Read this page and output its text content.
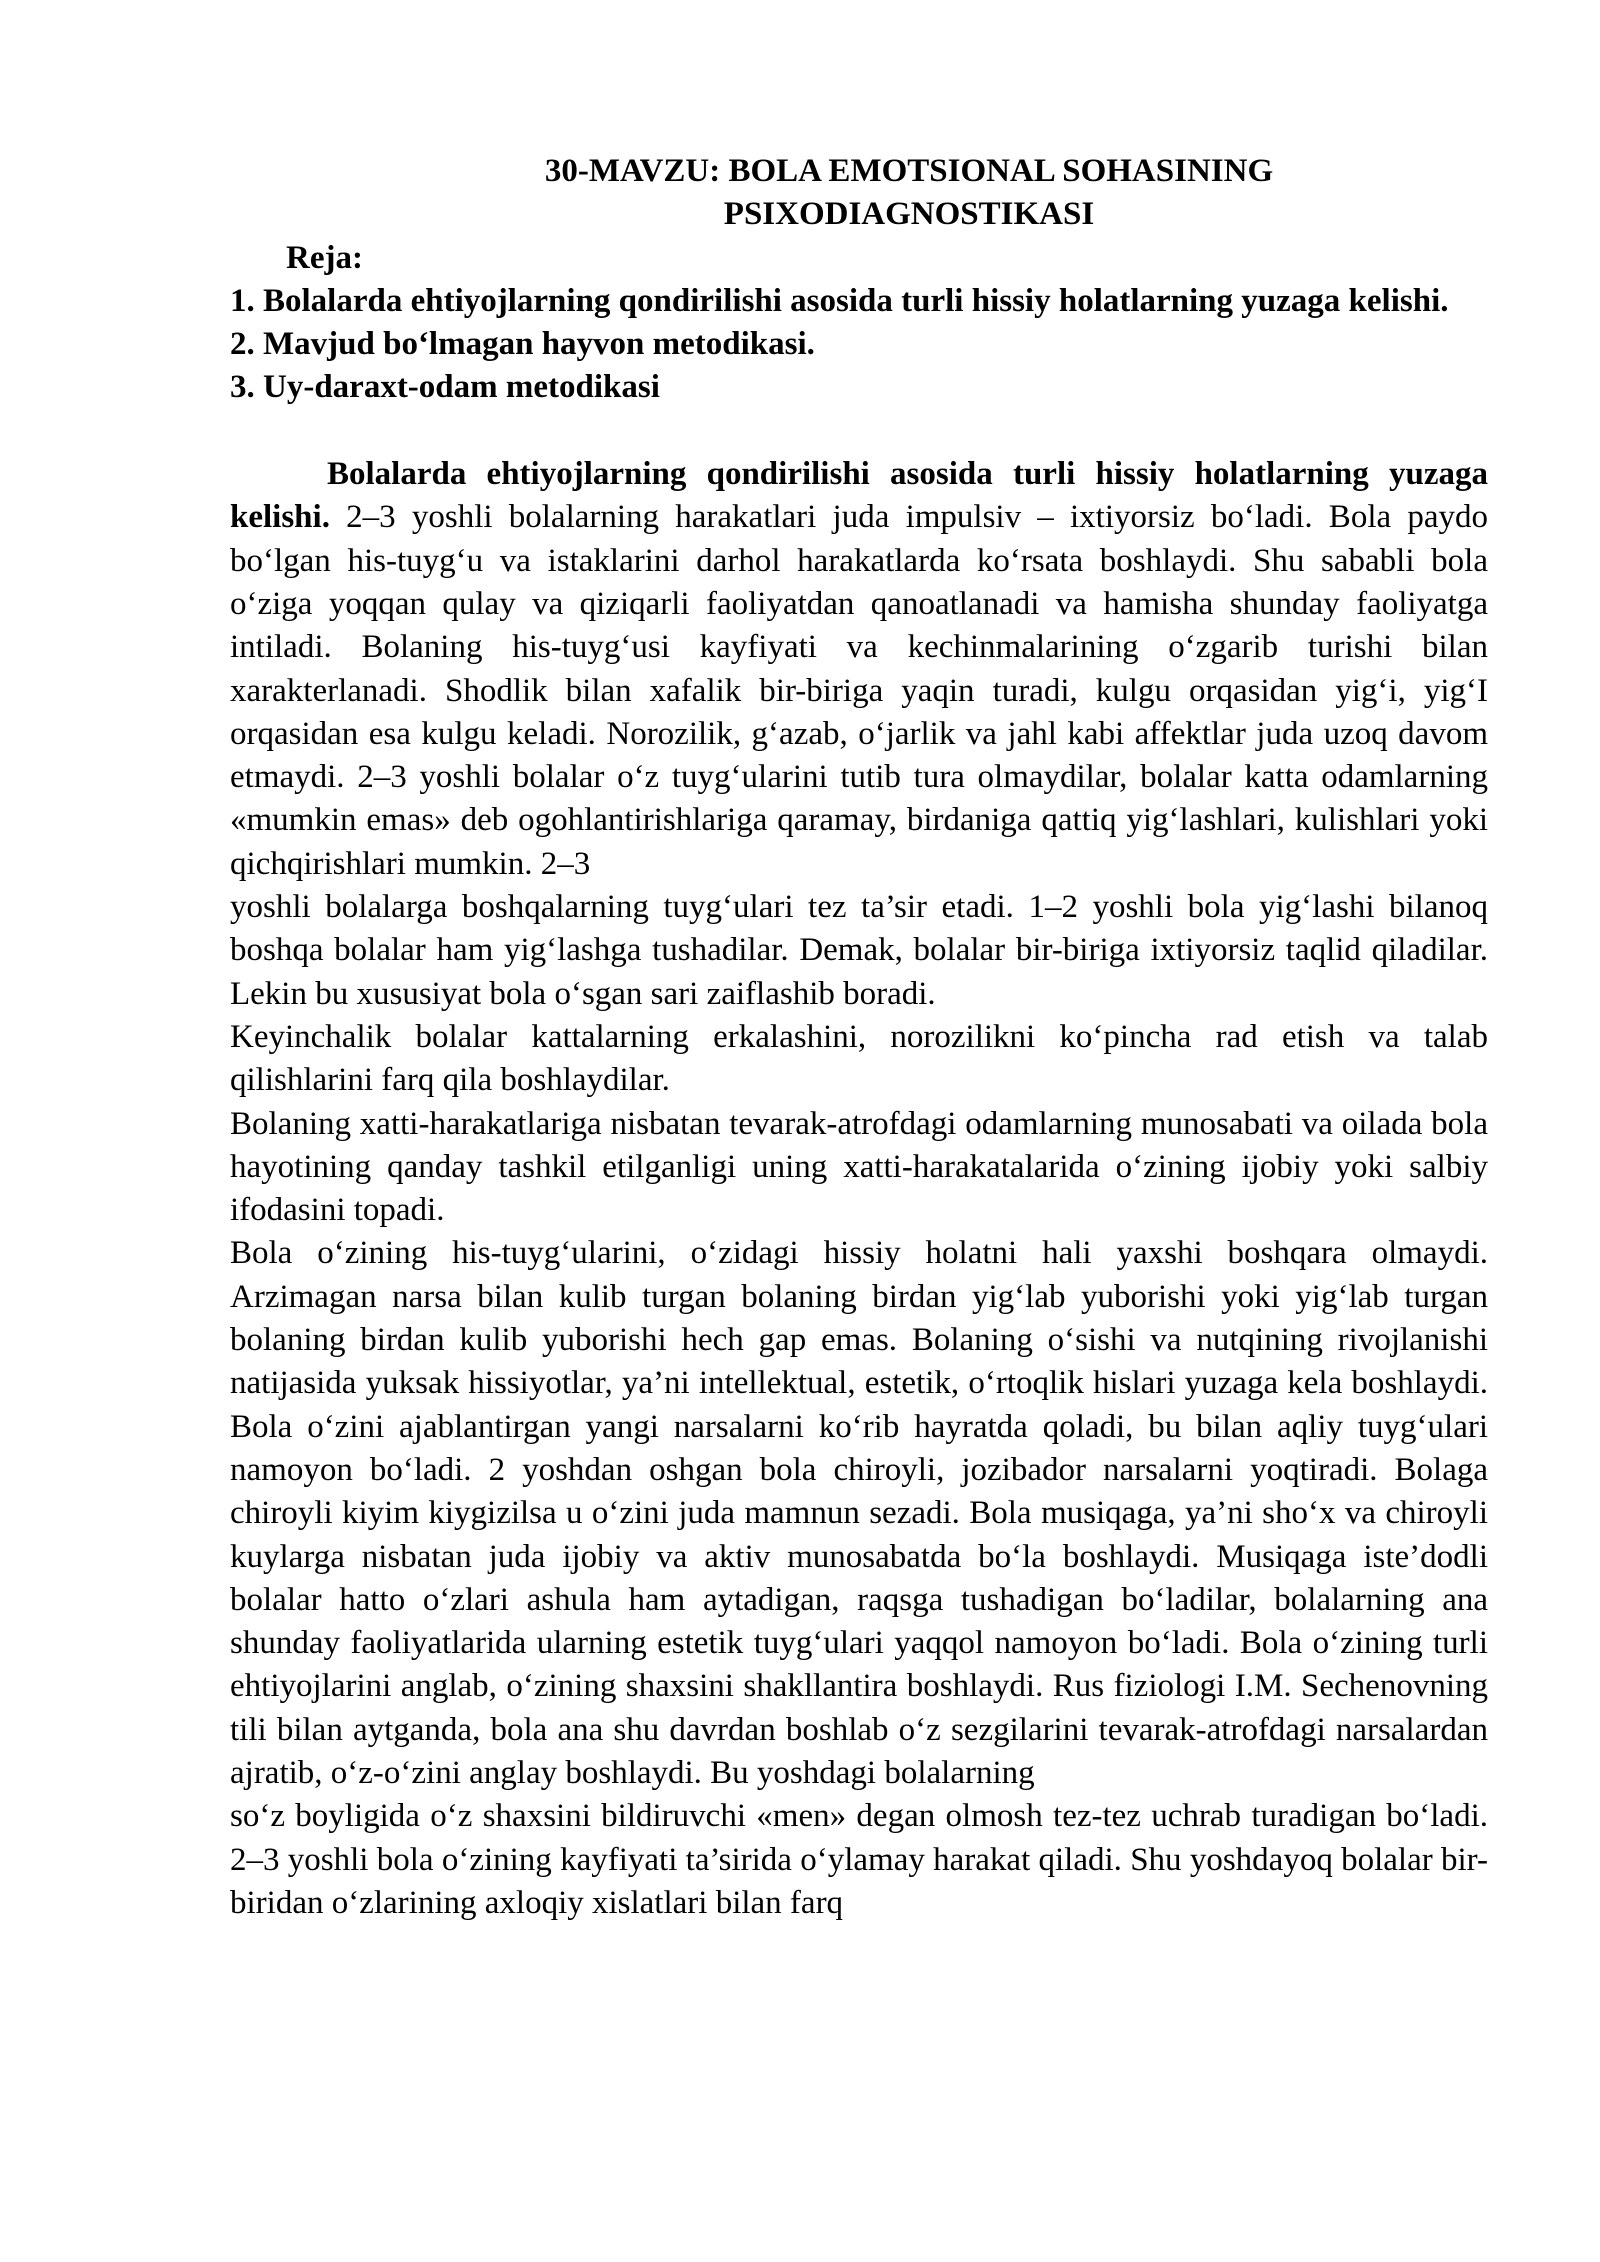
30-MAVZU: BOLA EMOTSIONAL SOHASINING
PSIXODIAGNOSTIKASI

Reja:

1. Bolalarda ehtiyojlarning qondirilishi asosida turli hissiy holatlarning yuzaga kelishi.
2. Mavjud bo‘lmagan hayvon metodikasi.
3. Uy-daraxt-odam metodikasi

Bolalarda ehtiyojlarning qondirilishi asosida turli hissiy holatlarning yuzaga kelishi. 2–3 yoshli bolalarning harakatlari juda impulsiv – ixtiyorsiz bo‘ladi. Bola paydo bo‘lgan his-tuyg‘u va istaklarini darhol harakatlarda ko‘rsata boshlaydi. Shu sababli bola o‘ziga yoqqan qulay va qiziqarli faoliyatdan qanoatlanadi va hamisha shunday faoliyatga intiladi. Bolaning his-tuyg‘usi kayfiyati va kechinmalarining o‘zgarib turishi bilan xarakterlanadi. Shodlik bilan xafalik bir-biriga yaqin turadi, kulgu orqasidan yig‘i, yig‘I orqasidan esa kulgu keladi. Norozilik, g‘azab, o‘jarlik va jahl kabi affektlar juda uzoq davom etmaydi. 2–3 yoshli bolalar o‘z tuyg‘ularini tutib tura olmaydilar, bolalar katta odamlarning «mumkin emas» deb ogohlantirishlariga qaramay, birdaniga qattiq yig‘lashlari, kulishlari yoki qichqirishlari mumkin. 2–3

yoshli bolalarga boshqalarning tuyg‘ulari tez ta’sir etadi. 1–2 yoshli bola yig‘lashi bilanoq boshqa bolalar ham yig‘lashga tushadilar. Demak, bolalar bir-biriga ixtiyorsiz taqlid qiladilar. Lekin bu xususiyat bola o‘sgan sari zaiflashib boradi.

Keyinchalik bolalar kattalarning erkalashini, norozilikni ko‘pincha rad etish va talab qilishlarini farq qila boshlaydilar.

Bolaning xatti-harakatlariga nisbatan tevarak-atrofdagi odamlarning munosabati va oilada bola hayotining qanday tashkil etilganligi uning xatti-harakatalarida o‘zining ijobiy yoki salbiy ifodasini topadi.

Bola o‘zining his-tuyg‘ularini, o‘zidagi hissiy holatni hali yaxshi boshqara olmaydi. Arzimagan narsa bilan kulib turgan bolaning birdan yig‘lab yuborishi yoki yig‘lab turgan bolaning birdan kulib yuborishi hech gap emas. Bolaning o‘sishi va nutqining rivojlanishi natijasida yuksak hissiyotlar, ya’ni intellektual, estetik, o‘rtoqlik hislari yuzaga kela boshlaydi. Bola o‘zini ajablantirgan yangi narsalarni ko‘rib hayratda qoladi, bu bilan aqliy tuyg‘ulari namoyon bo‘ladi. 2 yoshdan oshgan bola chiroyli, jozibador narsalarni yoqtiradi. Bolaga chiroyli kiyim kiygizilsa u o‘zini juda mamnun sezadi. Bola musiqaga, ya’ni sho‘x va chiroyli kuylarga nisbatan juda ijobiy va aktiv munosabatda bo‘la boshlaydi. Musiqaga iste’dodli bolalar hatto o‘zlari ashula ham aytadigan, raqsga tushadigan bo‘ladilar, bolalarning ana shunday faoliyatlarida ularning estetik tuyg‘ulari yaqqol namoyon bo‘ladi. Bola o‘zining turli ehtiyojlarini anglab, o‘zining shaxsini shakllantira boshlaydi. Rus fiziologi I.M. Sechenovning tili bilan aytganda, bola ana shu davrdan boshlab o‘z sezgilarini tevarak-atrofdagi narsalardan ajratib, o‘z-o‘zini anglay boshlaydi. Bu yoshdagi bolalarning

so‘z boyligida o‘z shaxsini bildiruvchi «men» degan olmosh tez-tez uchrab turadigan bo‘ladi. 2–3 yoshli bola o‘zining kayfiyati ta’sirida o‘ylamay harakat qiladi. Shu yoshdayoq bolalar bir-biridan o‘zlarining axloqiy xislatlari bilan farq
